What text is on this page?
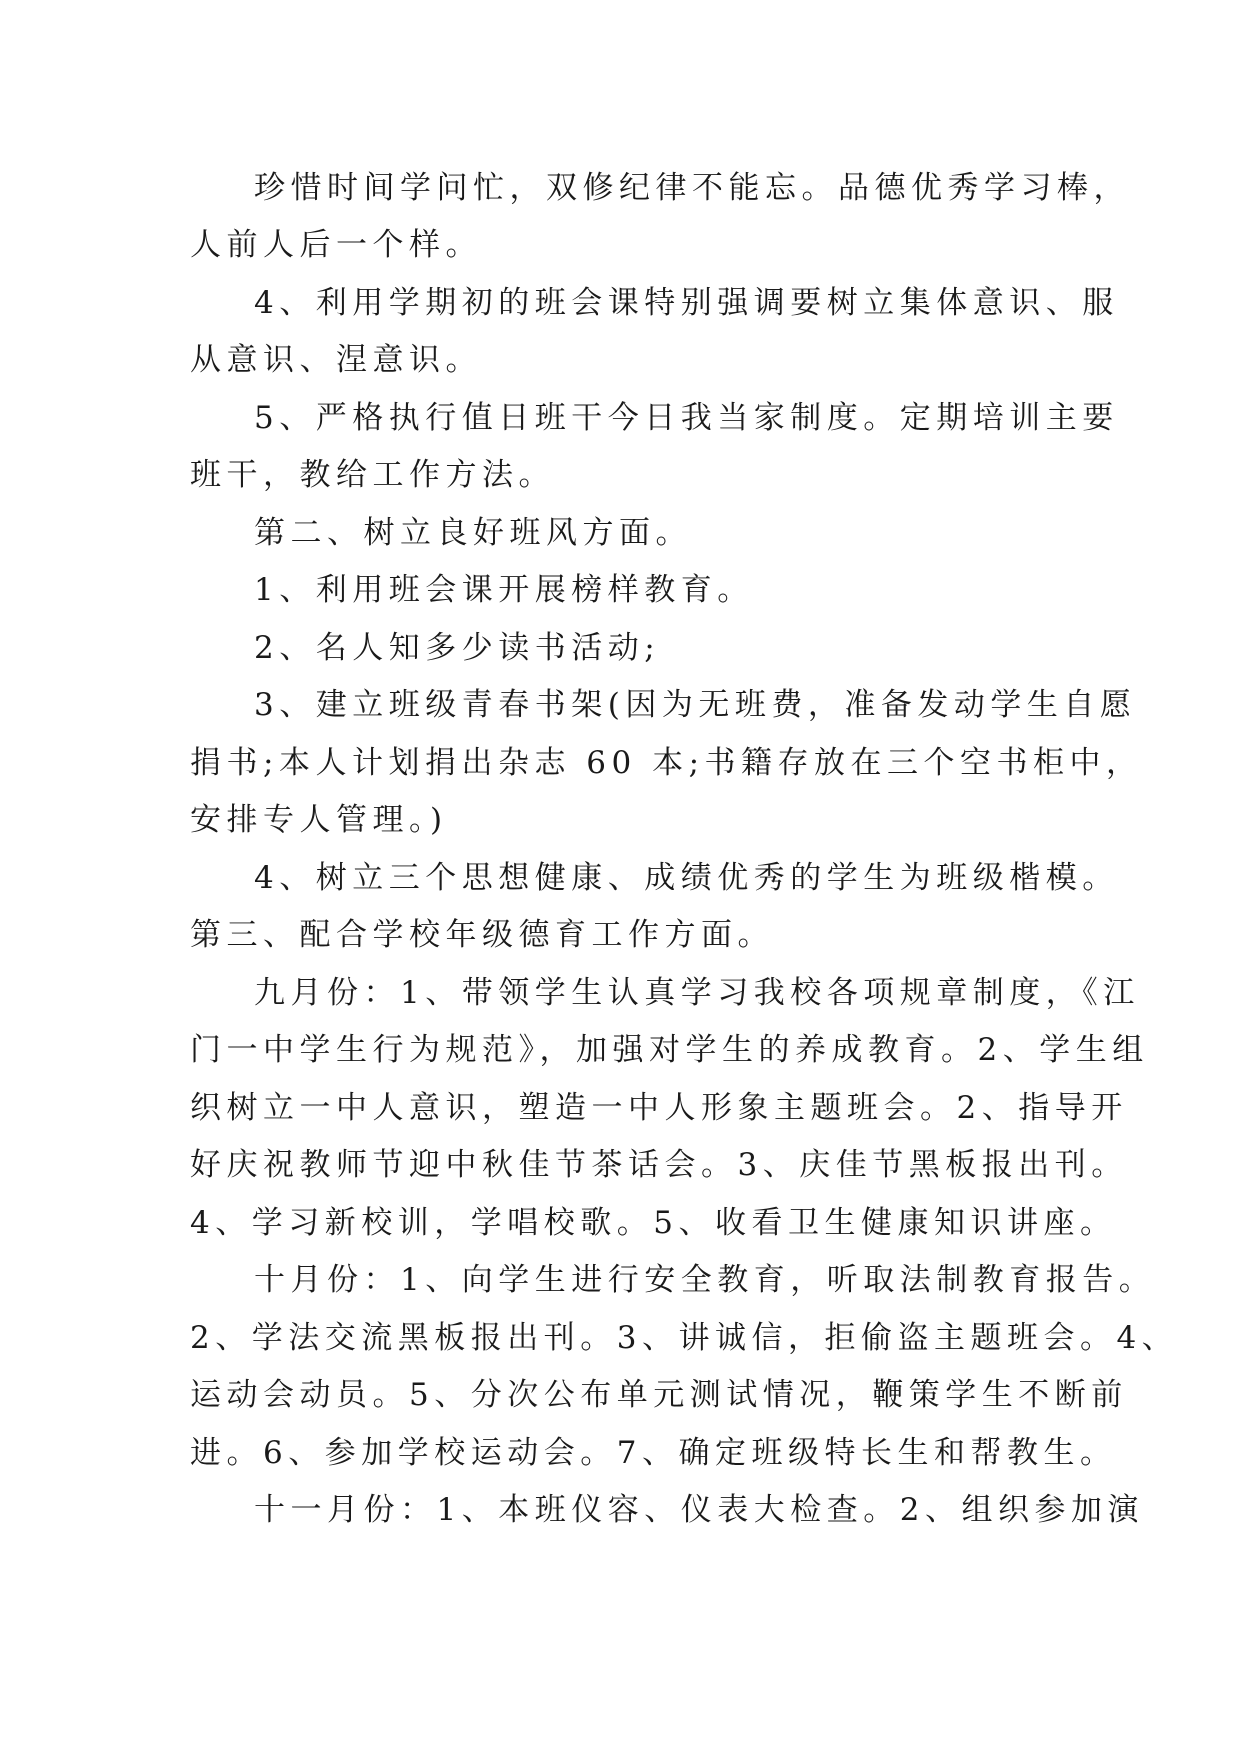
珍惜时间学问忙，双修纪律不能忘。品德优秀学习棒，
人前人后一个样。
4、利用学期初的班会课特别强调要树立集体意识、服
从意识、涅意识。
5、严格执行值日班干今日我当家制度。定期培训主要
班干，教给工作方法。
第二、树立良好班风方面。
1、利用班会课开展榜样教育。
2、名人知多少读书活动;
3、建立班级青春书架(因为无班费，准备发动学生自愿
捐书;本人计划捐出杂志 60 本;书籍存放在三个空书柜中，
安排专人管理。)
4、树立三个思想健康、成绩优秀的学生为班级楷模。
第三、配合学校年级德育工作方面。
九月份：1、带领学生认真学习我校各项规章制度，《江
门一中学生行为规范》，加强对学生的养成教育。2、学生组
织树立一中人意识，塑造一中人形象主题班会。2、指导开
好庆祝教师节迎中秋佳节茶话会。3、庆佳节黑板报出刊。
4、学习新校训，学唱校歌。5、收看卫生健康知识讲座。
十月份：1、向学生进行安全教育，听取法制教育报告。
2、学法交流黑板报出刊。3、讲诚信，拒偷盗主题班会。4、
运动会动员。5、分次公布单元测试情况，鞭策学生不断前
进。6、参加学校运动会。7、确定班级特长生和帮教生。
十一月份：1、本班仪容、仪表大检查。2、组织参加演
